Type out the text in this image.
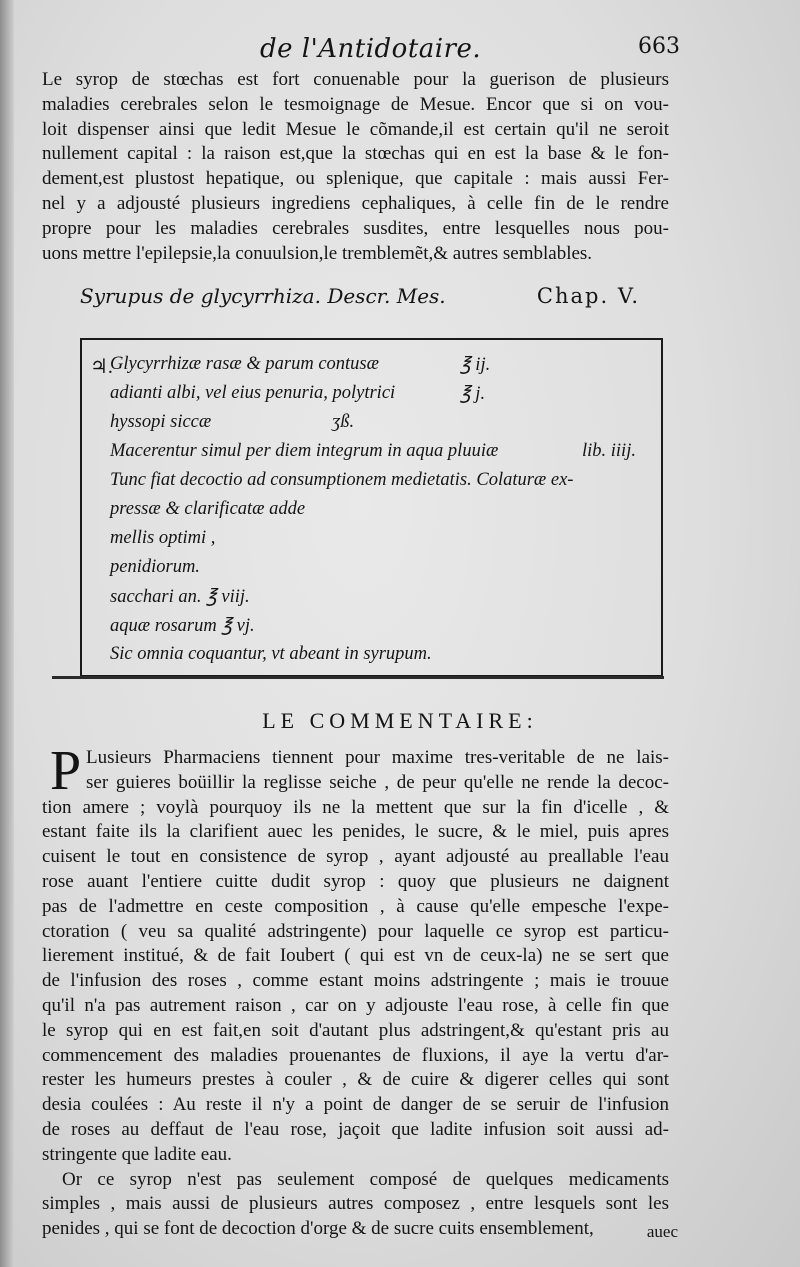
de l'Antidotaire.	663
Le syrop de stœchas est fort conuenable pour la guerison de plusieurs
maladies cerebrales selon le tesmoignage de Mesue. Encor que si on vou-
loit dispenser ainsi que ledit Mesue le cõmande,il est certain qu'il ne seroit
nullement capital : la raison est,que la stœchas qui en est la base & le fon-
dement,est plustost hepatique, ou splenique, que capitale : mais aussi Fer-
nel y a adjousté plusieurs ingrediens cephaliques, à celle fin de le rendre
propre pour les maladies cerebrales susdites, entre lesquelles nous pou-
uons mettre l'epilepsie,la conuulsion,le tremblemẽt,& autres semblables.
Syrupus de glycyrrhiza. Descr. Mes.	Chap. V.
♃.
Glycyrrhizæ rasæ & parum contusæ	℥ ij.
adianti albi, vel eius penuria, polytrici	℥ j.
hyssopi siccæ	ʒß.
Macerentur simul per diem integrum in aqua pluuiæ	lib. iiij.
Tunc fiat decoctio ad consumptionem medietatis. Colaturæ ex-
pressæ & clarificatæ adde
mellis optimi ,
penidiorum.
sacchari an. ℥ viij.
aquæ rosarum ℥ vj.
Sic omnia coquantur, vt abeant in syrupum.
LE COMMENTAIRE:
P Lusieurs Pharmaciens tiennent pour maxime tres-veritable de ne lais-
ser guieres boüillir la reglisse seiche , de peur qu'elle ne rende la decoc-
tion amere ; voylà pourquoy ils ne la mettent que sur la fin d'icelle , &
estant faite ils la clarifient auec les penides, le sucre, & le miel, puis apres
cuisent le tout en consistence de syrop , ayant adjousté au preallable l'eau
rose auant l'entiere cuitte dudit syrop : quoy que plusieurs ne daignent
pas de l'admettre en ceste composition , à cause qu'elle empesche l'expe-
ctoration ( veu sa qualité adstringente) pour laquelle ce syrop est particu-
lierement institué, & de fait Ioubert ( qui est vn de ceux-la) ne se sert que
de l'infusion des roses , comme estant moins adstringente ; mais ie trouue
qu'il n'a pas autrement raison , car on y adjouste l'eau rose, à celle fin que
le syrop qui en est fait,en soit d'autant plus adstringent,& qu'estant pris au
commencement des maladies prouenantes de fluxions, il aye la vertu d'ar-
rester les humeurs prestes à couler , & de cuire & digerer celles qui sont
desia coulées : Au reste il n'y a point de danger de se seruir de l'infusion
de roses au deffaut de l'eau rose, jaçoit que ladite infusion soit aussi ad-
stringente que ladite eau.
Or ce syrop n'est pas seulement composé de quelques medicaments
simples , mais aussi de plusieurs autres composez , entre lesquels sont les
penides , qui se font de decoction d'orge & de sucre cuits ensemblement,	auec
